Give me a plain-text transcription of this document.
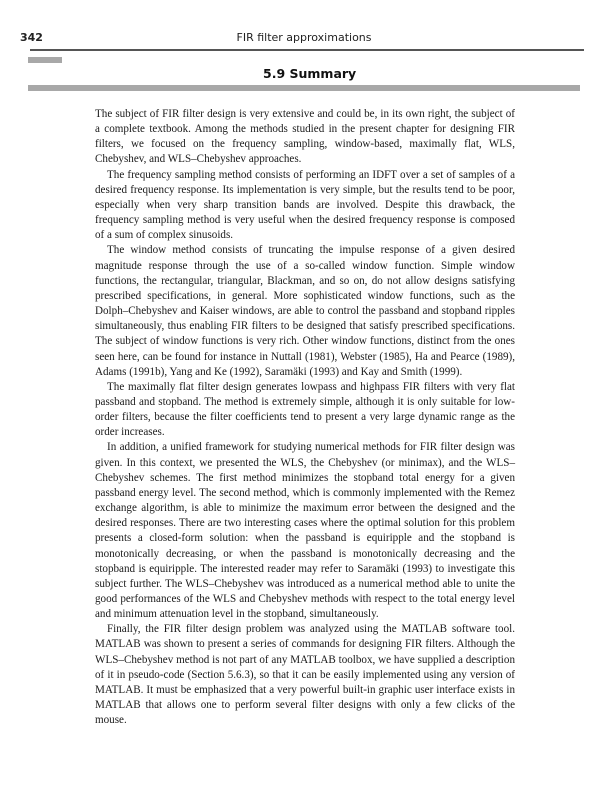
342	FIR filter approximations
5.9 Summary

The subject of FIR filter design is very extensive and could be, in its own right, the subject of a complete textbook. Among the methods studied in the present chapter for designing FIR filters, we focused on the frequency sampling, window-based, maximally flat, WLS, Chebyshev, and WLS–Chebyshev approaches.

The frequency sampling method consists of performing an IDFT over a set of samples of a desired frequency response. Its implementation is very simple, but the results tend to be poor, especially when very sharp transition bands are involved. Despite this drawback, the frequency sampling method is very useful when the desired frequency response is composed of a sum of complex sinusoids.

The window method consists of truncating the impulse response of a given desired magnitude response through the use of a so-called window function. Simple window functions, the rectangular, triangular, Blackman, and so on, do not allow designs satisfying prescribed specifications, in general. More sophisticated window functions, such as the Dolph–Chebyshev and Kaiser windows, are able to control the passband and stopband ripples simultaneously, thus enabling FIR filters to be designed that satisfy prescribed specifications. The subject of window functions is very rich. Other window functions, distinct from the ones seen here, can be found for instance in Nuttall (1981), Webster (1985), Ha and Pearce (1989), Adams (1991b), Yang and Ke (1992), Saramäki (1993) and Kay and Smith (1999).

The maximally flat filter design generates lowpass and highpass FIR filters with very flat passband and stopband. The method is extremely simple, although it is only suitable for low-order filters, because the filter coefficients tend to present a very large dynamic range as the order increases.

In addition, a unified framework for studying numerical methods for FIR filter design was given. In this context, we presented the WLS, the Chebyshev (or minimax), and the WLS–Chebyshev schemes. The first method minimizes the stopband total energy for a given passband energy level. The second method, which is commonly implemented with the Remez exchange algorithm, is able to minimize the maximum error between the designed and the desired responses. There are two interesting cases where the optimal solution for this problem presents a closed-form solution: when the passband is equiripple and the stopband is monotonically decreasing, or when the passband is monotonically decreasing and the stopband is equiripple. The interested reader may refer to Saramäki (1993) to investigate this subject further. The WLS–Chebyshev was introduced as a numerical method able to unite the good performances of the WLS and Chebyshev methods with respect to the total energy level and minimum attenuation level in the stopband, simultaneously.

Finally, the FIR filter design problem was analyzed using the MATLAB software tool. MATLAB was shown to present a series of commands for designing FIR filters. Although the WLS–Chebyshev method is not part of any MATLAB toolbox, we have supplied a description of it in pseudo-code (Section 5.6.3), so that it can be easily implemented using any version of MATLAB. It must be emphasized that a very powerful built-in graphic user interface exists in MATLAB that allows one to perform several filter designs with only a few clicks of the mouse.
